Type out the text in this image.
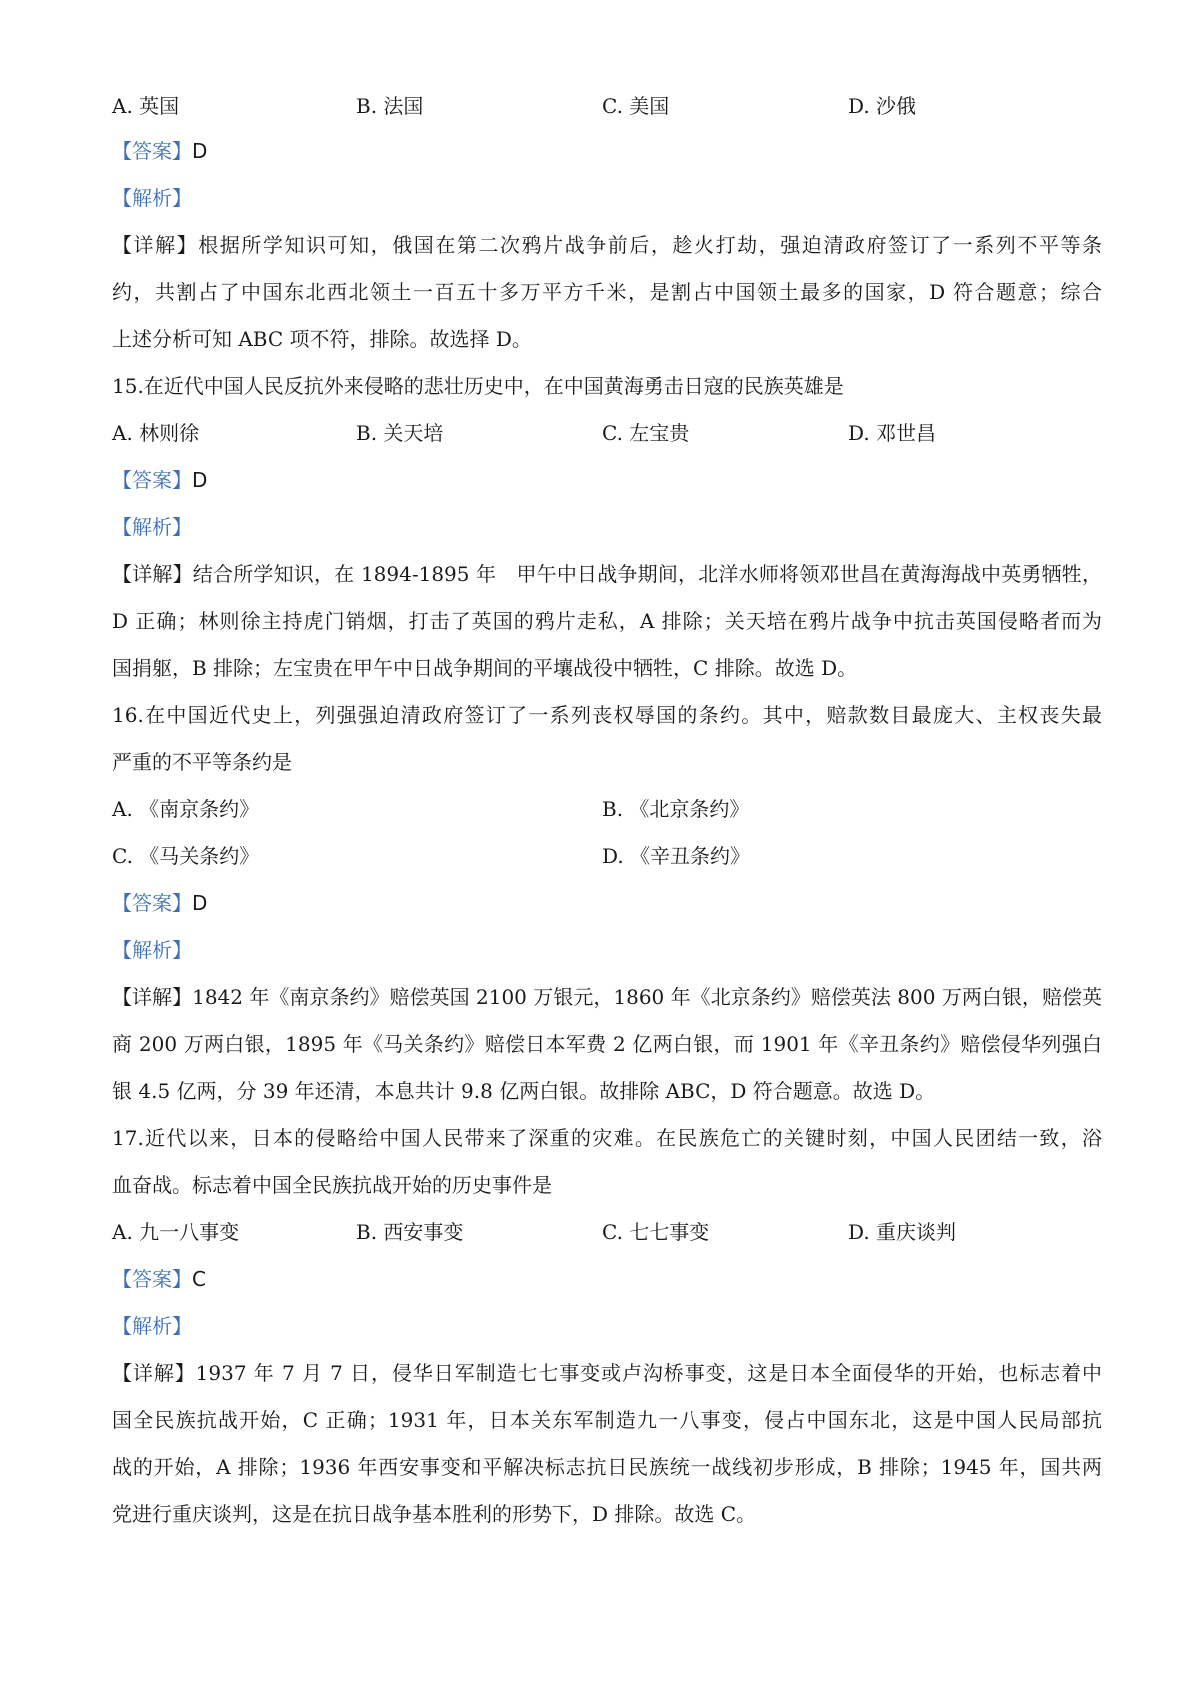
A. 英国	B. 法国	C. 美国	D. 沙俄
【答案】D
【解析】
【详解】根据所学知识可知，俄国在第二次鸦片战争前后，趁火打劫，强迫清政府签订了一系列不平等条
约，共割占了中国东北西北领土一百五十多万平方千米，是割占中国领土最多的国家，D 符合题意；综合
上述分析可知 ABC 项不符，排除。故选择 D。
15.在近代中国人民反抗外来侵略的悲壮历史中，在中国黄海勇击日寇的民族英雄是
A. 林则徐	B. 关天培	C. 左宝贵	D. 邓世昌
【答案】D
【解析】
【详解】结合所学知识，在 1894-1895 年　甲午中日战争期间，北洋水师将领邓世昌在黄海海战中英勇牺牲，
D 正确；林则徐主持虎门销烟，打击了英国的鸦片走私，A 排除；关天培在鸦片战争中抗击英国侵略者而为
国捐躯，B 排除；左宝贵在甲午中日战争期间的平壤战役中牺牲，C 排除。故选 D。
16.在中国近代史上，列强强迫清政府签订了一系列丧权辱国的条约。其中，赔款数目最庞大、主权丧失最
严重的不平等条约是
A. 《南京条约》	B. 《北京条约》
C. 《马关条约》	D. 《辛丑条约》
【答案】D
【解析】
【详解】1842 年《南京条约》赔偿英国 2100 万银元，1860 年《北京条约》赔偿英法 800 万两白银，赔偿英
商 200 万两白银，1895 年《马关条约》赔偿日本军费 2 亿两白银，而 1901 年《辛丑条约》赔偿侵华列强白
银 4.5 亿两，分 39 年还清，本息共计 9.8 亿两白银。故排除 ABC，D 符合题意。故选 D。
17.近代以来，日本的侵略给中国人民带来了深重的灾难。在民族危亡的关键时刻，中国人民团结一致，浴
血奋战。标志着中国全民族抗战开始的历史事件是
A. 九一八事变	B. 西安事变	C. 七七事变	D. 重庆谈判
【答案】C
【解析】
【详解】1937 年 7 月 7 日，侵华日军制造七七事变或卢沟桥事变，这是日本全面侵华的开始，也标志着中
国全民族抗战开始，C 正确；1931 年，日本关东军制造九一八事变，侵占中国东北，这是中国人民局部抗
战的开始，A 排除；1936 年西安事变和平解决标志抗日民族统一战线初步形成，B 排除；1945 年，国共两
党进行重庆谈判，这是在抗日战争基本胜利的形势下，D 排除。故选 C。
